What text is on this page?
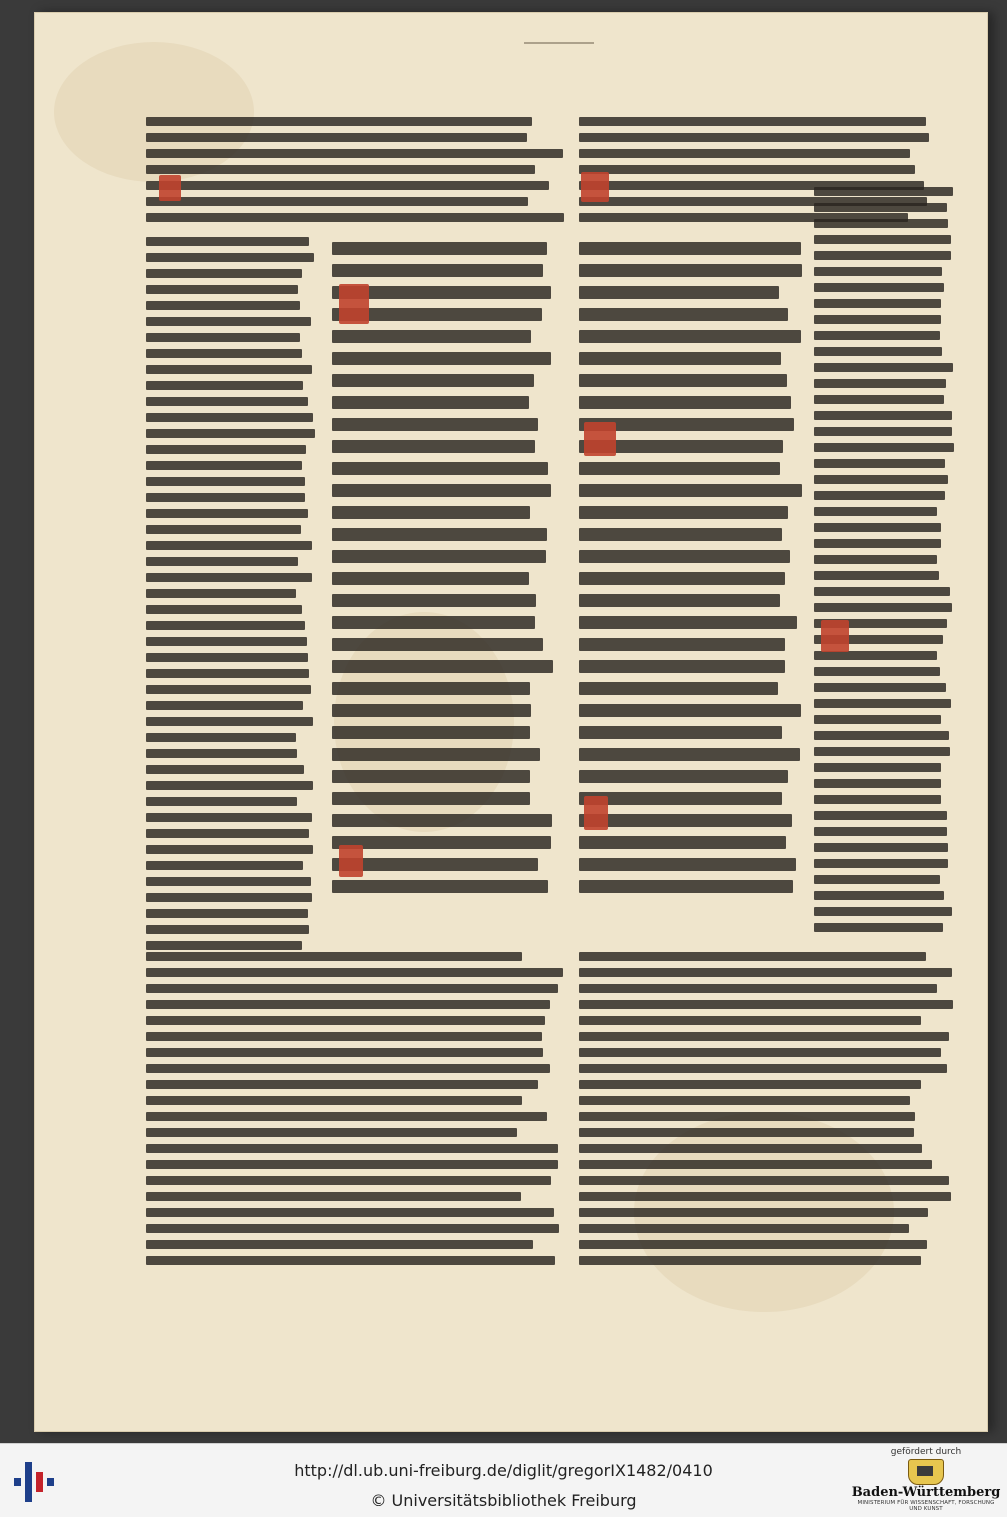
http://dl.ub.uni-freiburg.de/diglit/gregorIX1482/0410
© Universitätsbibliothek Freiburg
gefördert durch
Baden-Württemberg
MINISTERIUM FÜR WISSENSCHAFT, FORSCHUNG UND KUNST
